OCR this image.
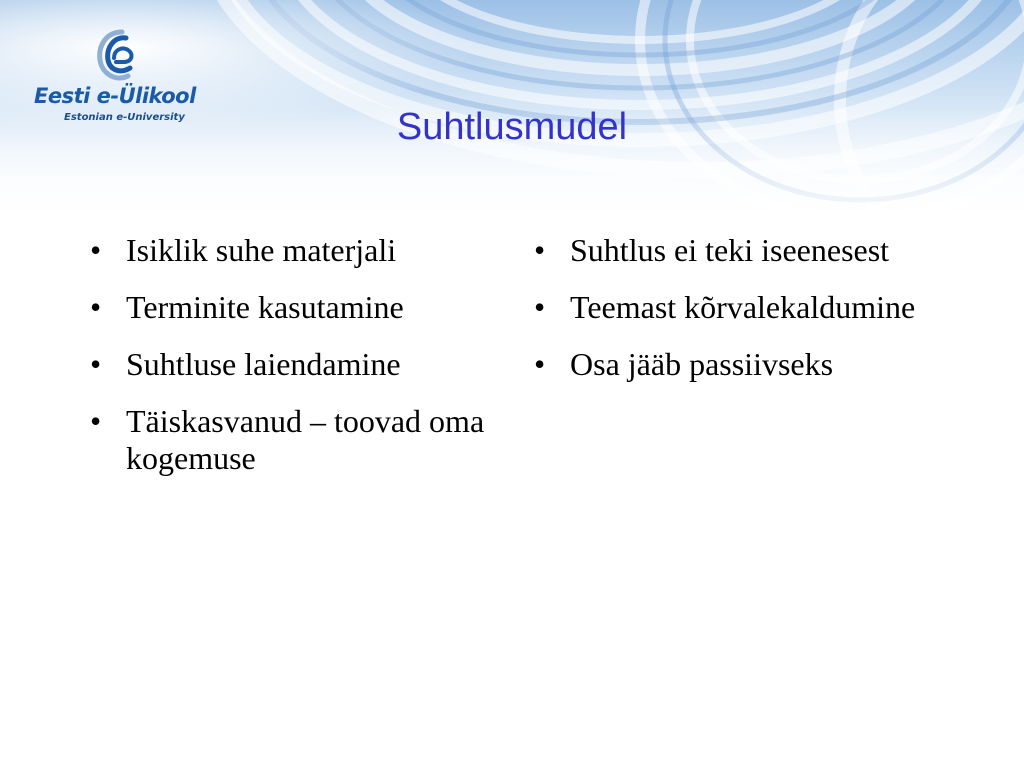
Eesti e-Ülikool
Estonian e-University	Suhtlusmudel
• Isiklik suhe materjali
• Terminite kasutamine
• Suhtluse laiendamine
• Täiskasvanud – toovad oma kogemuse
• Suhtlus ei teki iseenesest
• Teemast kõrvalekaldumine
• Osa jääb passiivseks
